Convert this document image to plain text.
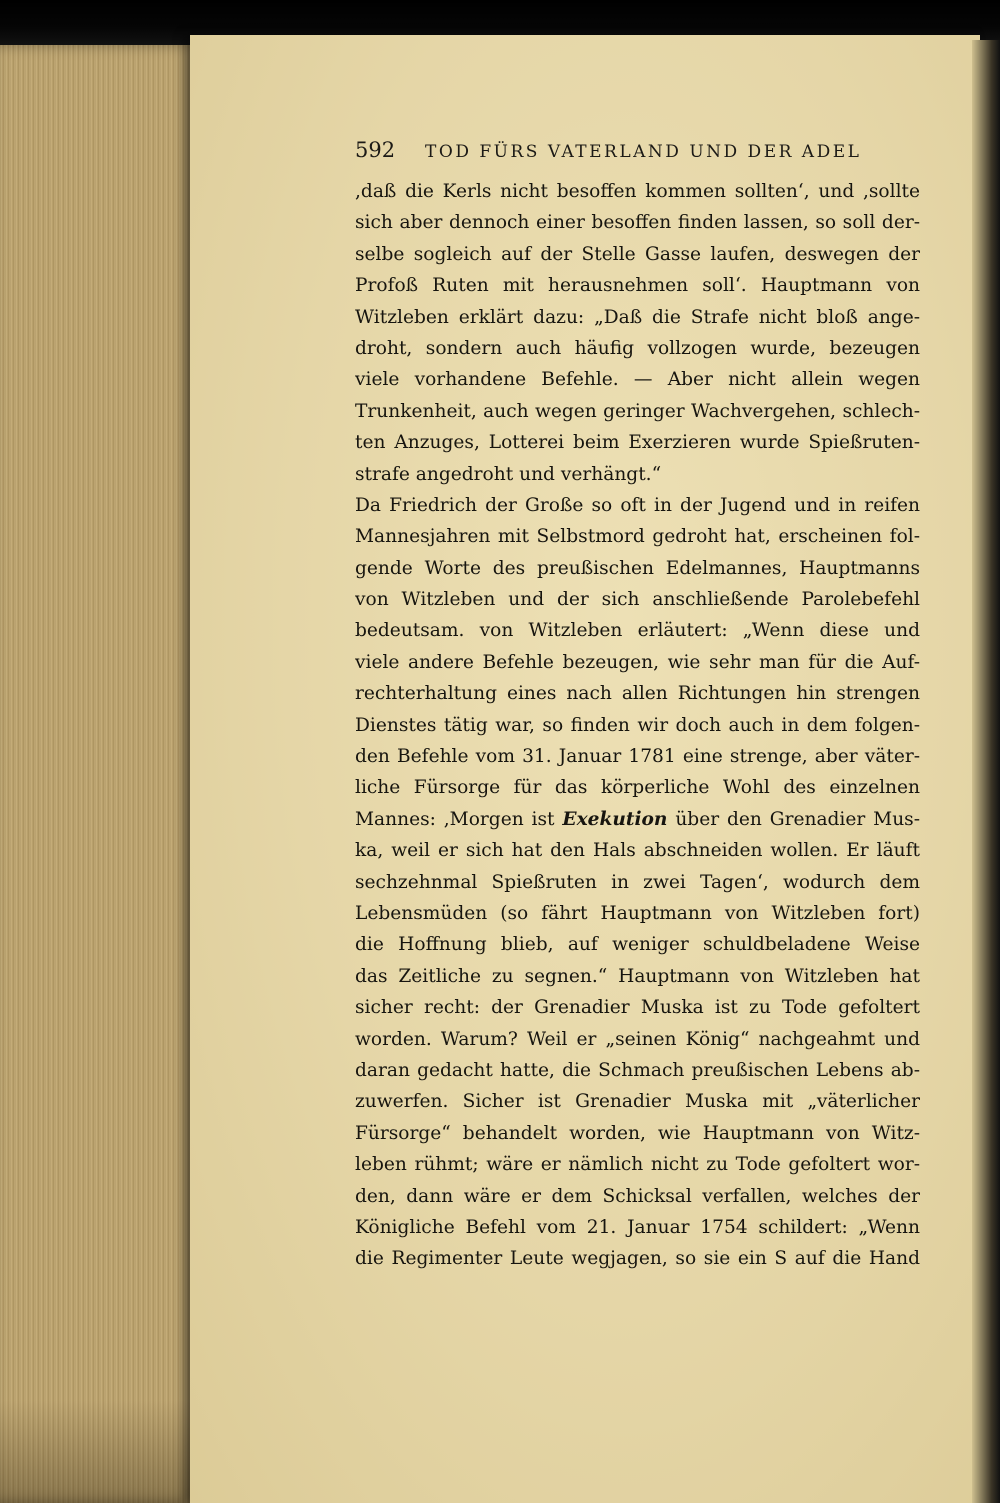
592 TOD FÜRS VATERLAND UND DER ADEL
,daß die Kerls nicht besoffen kommen sollten‘, und ,sollte
sich aber dennoch einer besoffen finden lassen, so soll der-
selbe sogleich auf der Stelle Gasse laufen, deswegen der
Profoß Ruten mit herausnehmen soll‘. Hauptmann von
Witzleben erklärt dazu: „Daß die Strafe nicht bloß ange-
droht, sondern auch häufig vollzogen wurde, bezeugen
viele vorhandene Befehle. — Aber nicht allein wegen
Trunkenheit, auch wegen geringer Wachvergehen, schlech-
ten Anzuges, Lotterei beim Exerzieren wurde Spießruten-
strafe angedroht und verhängt.“
Da Friedrich der Große so oft in der Jugend und in reifen
Mannesjahren mit Selbstmord gedroht hat, erscheinen fol-
gende Worte des preußischen Edelmannes, Hauptmanns
von Witzleben und der sich anschließende Parolebefehl
bedeutsam. von Witzleben erläutert: „Wenn diese und
viele andere Befehle bezeugen, wie sehr man für die Auf-
rechterhaltung eines nach allen Richtungen hin strengen
Dienstes tätig war, so finden wir doch auch in dem folgen-
den Befehle vom 31. Januar 1781 eine strenge, aber väter-
liche Fürsorge für das körperliche Wohl des einzelnen
Mannes: ,Morgen ist Exekution über den Grenadier Mus-
ka, weil er sich hat den Hals abschneiden wollen. Er läuft
sechzehnmal Spießruten in zwei Tagen‘, wodurch dem
Lebensmüden (so fährt Hauptmann von Witzleben fort)
die Hoffnung blieb, auf weniger schuldbeladene Weise
das Zeitliche zu segnen.“ Hauptmann von Witzleben hat
sicher recht: der Grenadier Muska ist zu Tode gefoltert
worden. Warum? Weil er „seinen König“ nachgeahmt und
daran gedacht hatte, die Schmach preußischen Lebens ab-
zuwerfen. Sicher ist Grenadier Muska mit „väterlicher
Fürsorge“ behandelt worden, wie Hauptmann von Witz-
leben rühmt; wäre er nämlich nicht zu Tode gefoltert wor-
den, dann wäre er dem Schicksal verfallen, welches der
Königliche Befehl vom 21. Januar 1754 schildert: „Wenn
die Regimenter Leute wegjagen, so sie ein S auf die Hand
